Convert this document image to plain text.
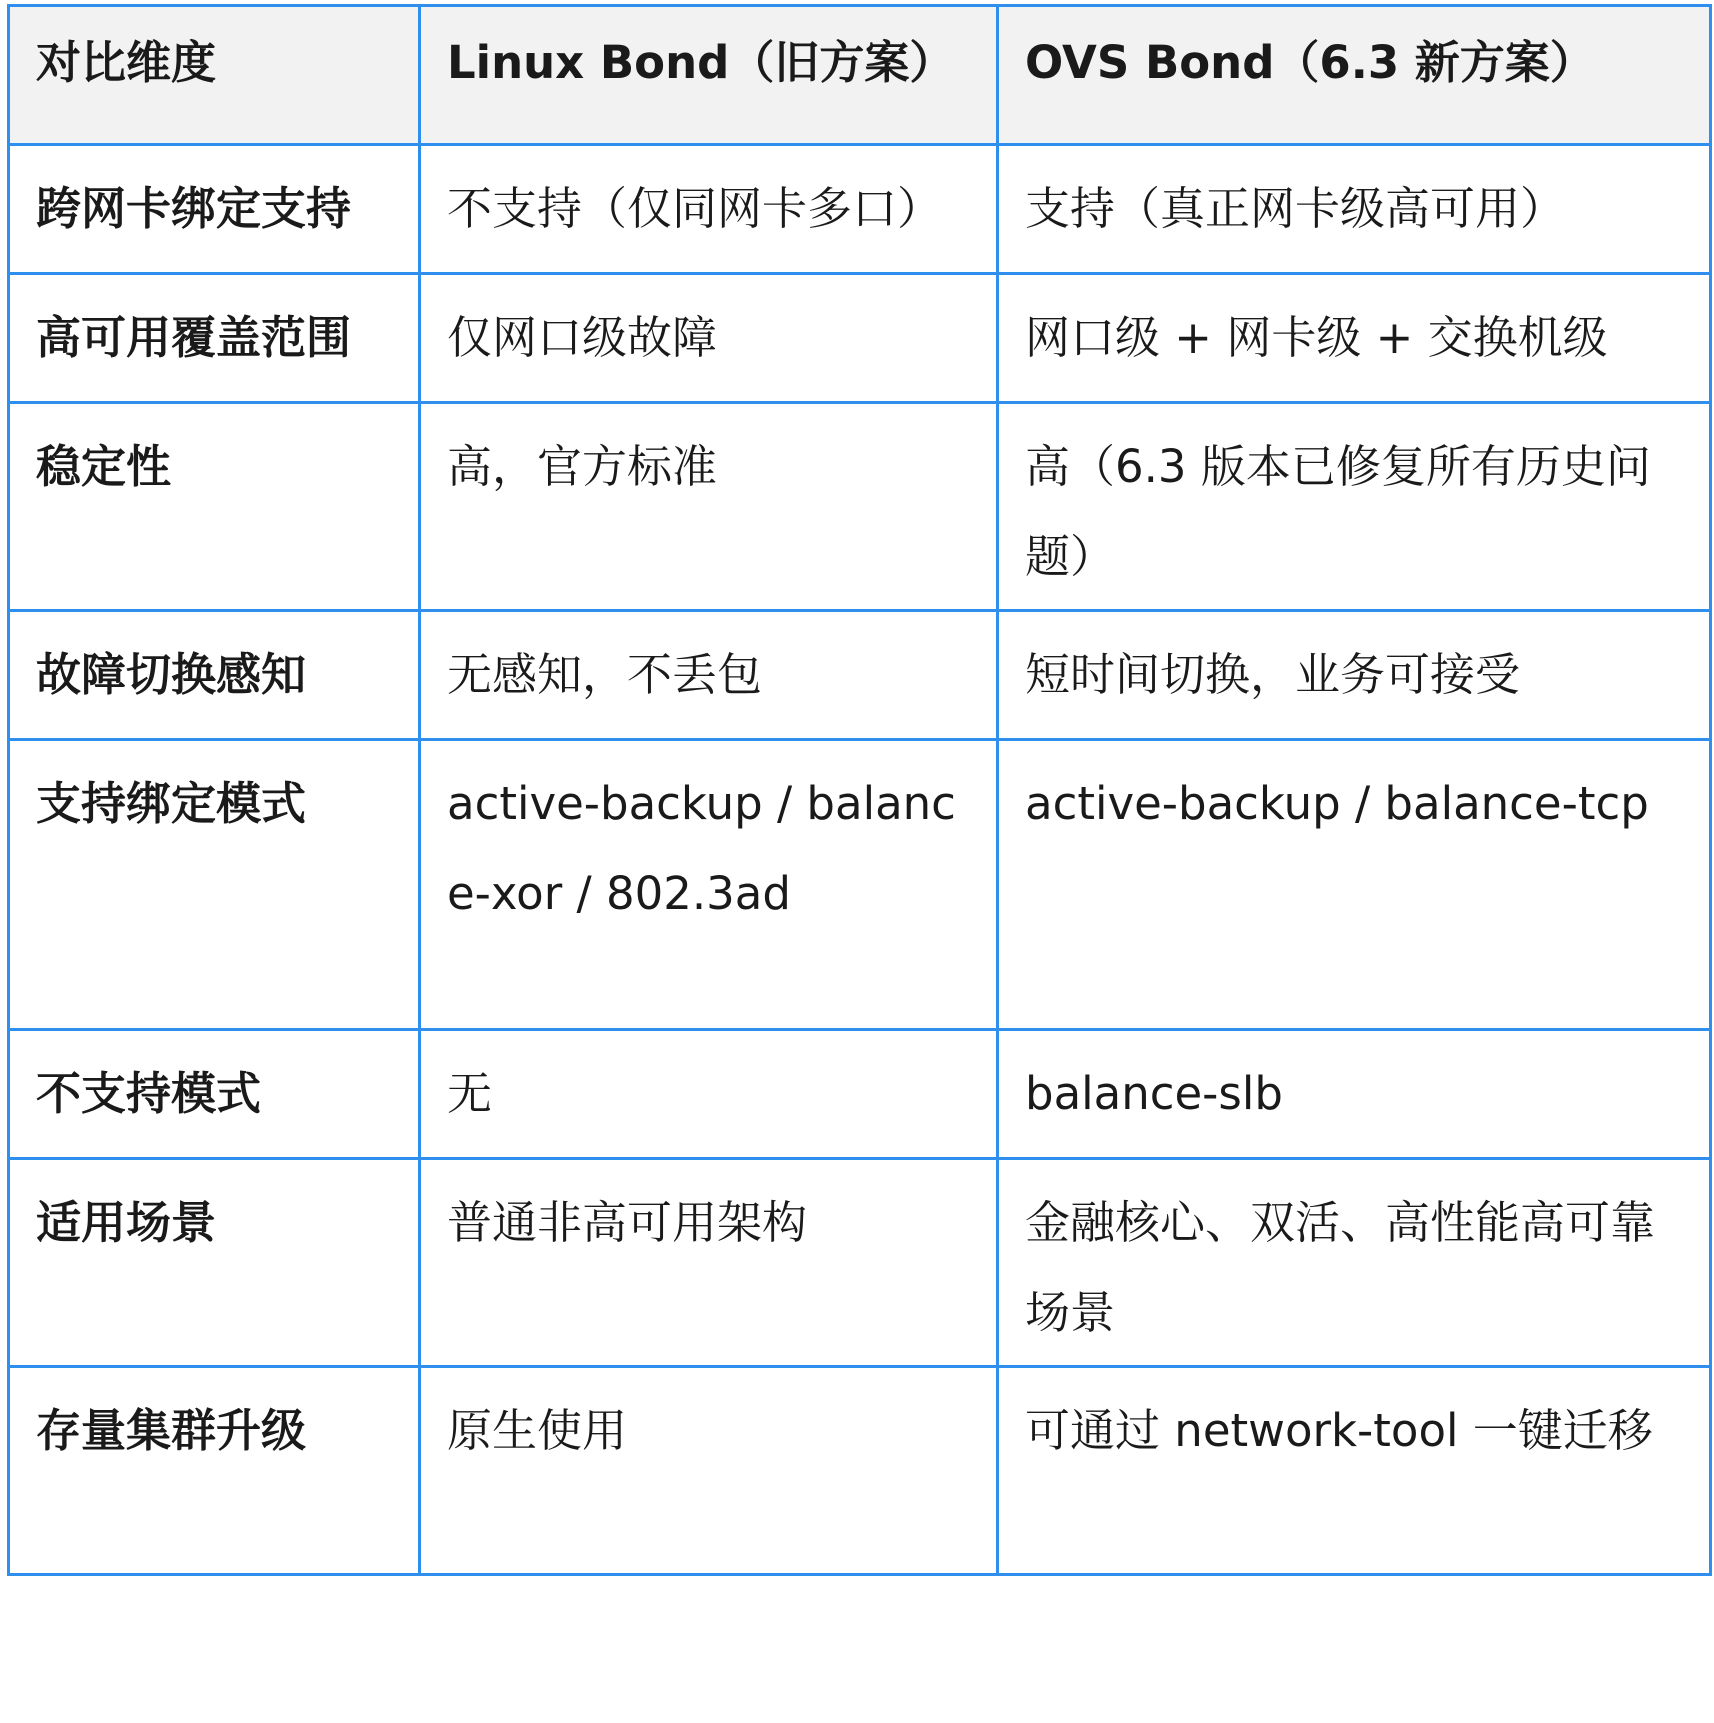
对比维度	Linux Bond（旧方案）	OVS Bond（6.3 新方案）

跨网卡绑定支持	不支持（仅同网卡多口）	支持（真正网卡级高可用）

高可用覆盖范围	仅网口级故障	网口级 + 网卡级 + 交换机级

稳定性	高，官方标准	高（6.3 版本已修复所有历史问题）

故障切换感知	无感知，不丢包	短时间切换，业务可接受

支持绑定模式	active-backup / balance-xor / 802.3ad	active-backup / balance-tcp

不支持模式	无	balance-slb

适用场景	普通非高可用架构	金融核心、双活、高性能高可靠场景

存量集群升级	原生使用	可通过 network-tool 一键迁移
